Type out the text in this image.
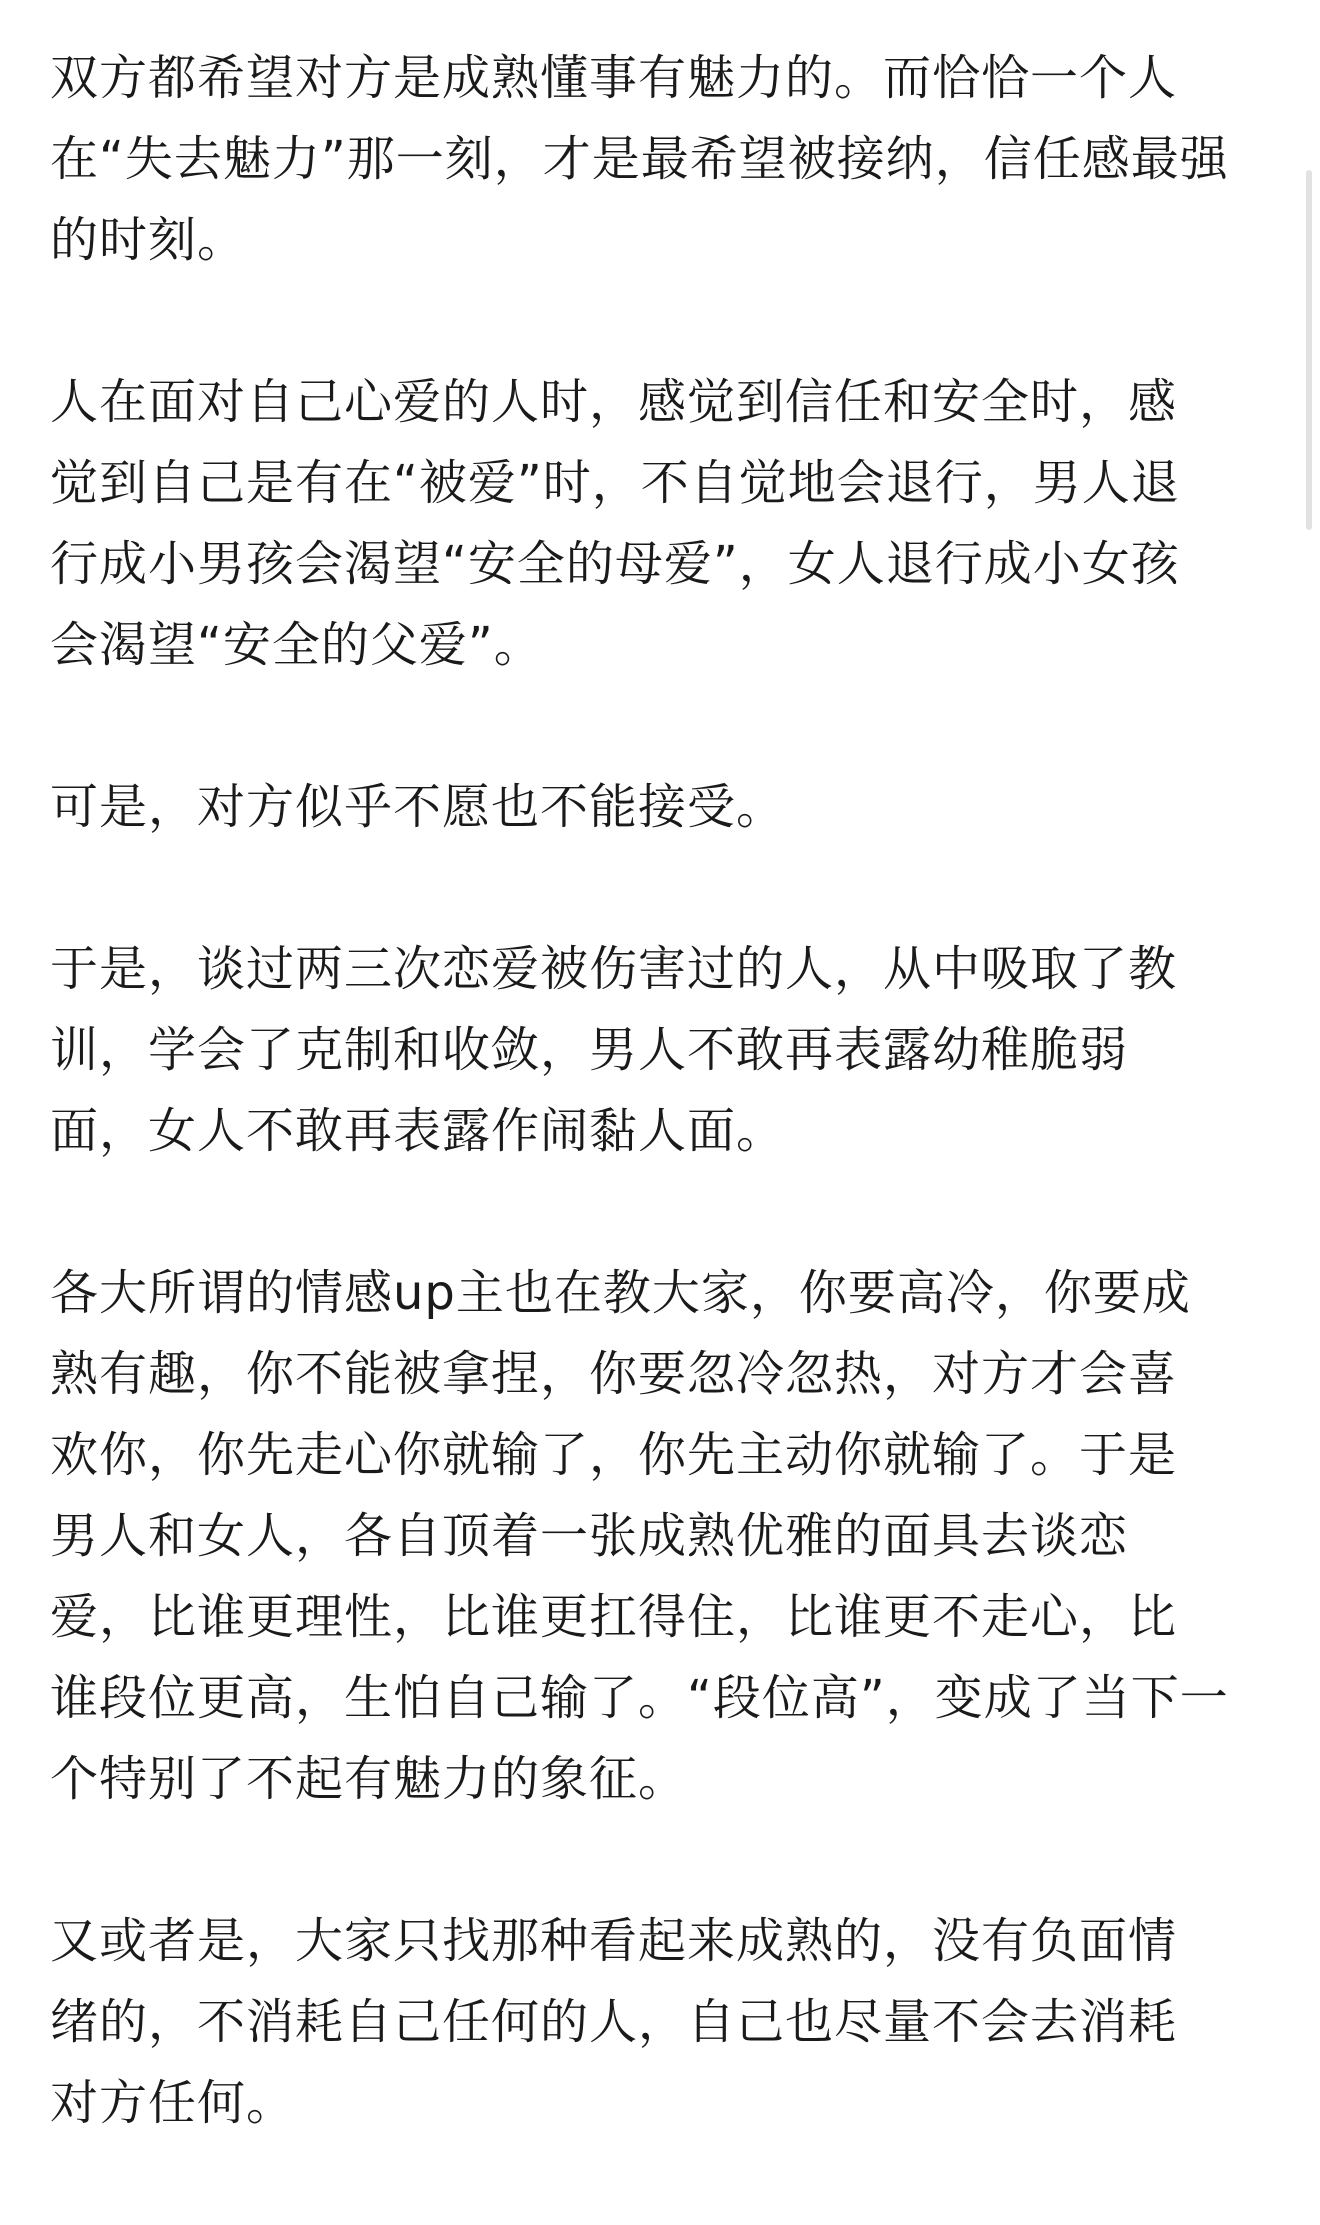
双方都希望对方是成熟懂事有魅力的。而恰恰一个人
在“失去魅力”那一刻，才是最希望被接纳，信任感最强
的时刻。
人在面对自己心爱的人时，感觉到信任和安全时，感
觉到自己是有在“被爱”时，不自觉地会退行，男人退
行成小男孩会渴望“安全的母爱”，女人退行成小女孩
会渴望“安全的父爱”。
可是，对方似乎不愿也不能接受。
于是，谈过两三次恋爱被伤害过的人，从中吸取了教
训，学会了克制和收敛，男人不敢再表露幼稚脆弱
面，女人不敢再表露作闹黏人面。
各大所谓的情感up主也在教大家，你要高冷，你要成
熟有趣，你不能被拿捏，你要忽冷忽热，对方才会喜
欢你，你先走心你就输了，你先主动你就输了。于是
男人和女人，各自顶着一张成熟优雅的面具去谈恋
爱，比谁更理性，比谁更扛得住，比谁更不走心，比
谁段位更高，生怕自己输了。“段位高”，变成了当下一
个特别了不起有魅力的象征。
又或者是，大家只找那种看起来成熟的，没有负面情
绪的，不消耗自己任何的人，自己也尽量不会去消耗
对方任何。
